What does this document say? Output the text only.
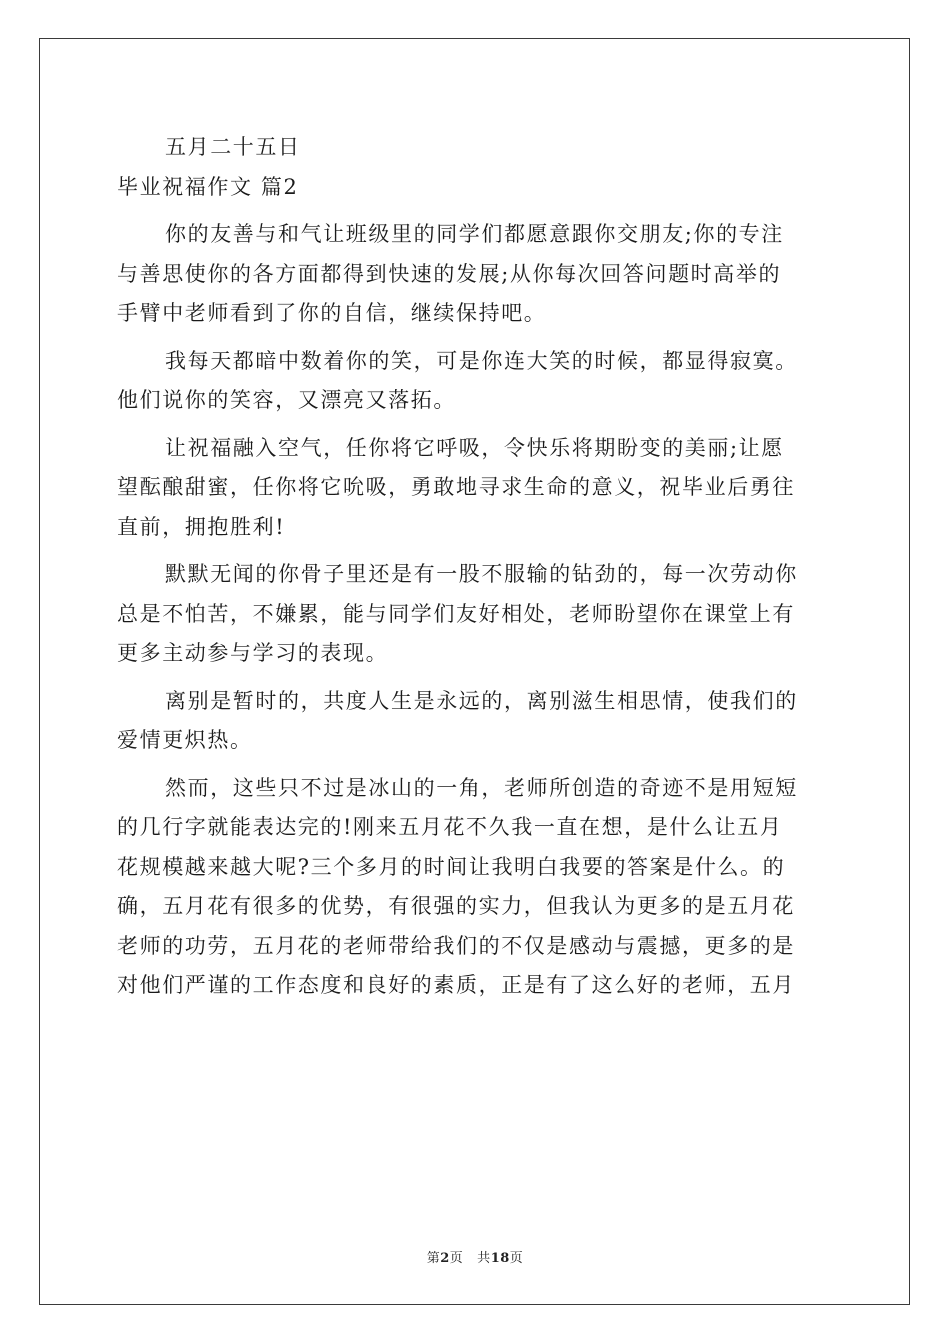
五月二十五日
毕业祝福作文 篇2
你的友善与和气让班级里的同学们都愿意跟你交朋友;你的专注
与善思使你的各方面都得到快速的发展;从你每次回答问题时高举的
手臂中老师看到了你的自信，继续保持吧。
我每天都暗中数着你的笑，可是你连大笑的时候，都显得寂寞。
他们说你的笑容，又漂亮又落拓。
让祝福融入空气，任你将它呼吸，令快乐将期盼变的美丽;让愿
望酝酿甜蜜，任你将它吮吸，勇敢地寻求生命的意义，祝毕业后勇往
直前，拥抱胜利!
默默无闻的你骨子里还是有一股不服输的钻劲的，每一次劳动你
总是不怕苦，不嫌累，能与同学们友好相处，老师盼望你在课堂上有
更多主动参与学习的表现。
离别是暂时的，共度人生是永远的，离别滋生相思情，使我们的
爱情更炽热。
然而，这些只不过是冰山的一角，老师所创造的奇迹不是用短短
的几行字就能表达完的!刚来五月花不久我一直在想，是什么让五月
花规模越来越大呢?三个多月的时间让我明白我要的答案是什么。的
确，五月花有很多的优势，有很强的实力，但我认为更多的是五月花
老师的功劳，五月花的老师带给我们的不仅是感动与震撼，更多的是
对他们严谨的工作态度和良好的素质，正是有了这么好的老师，五月
第2页 共18页
